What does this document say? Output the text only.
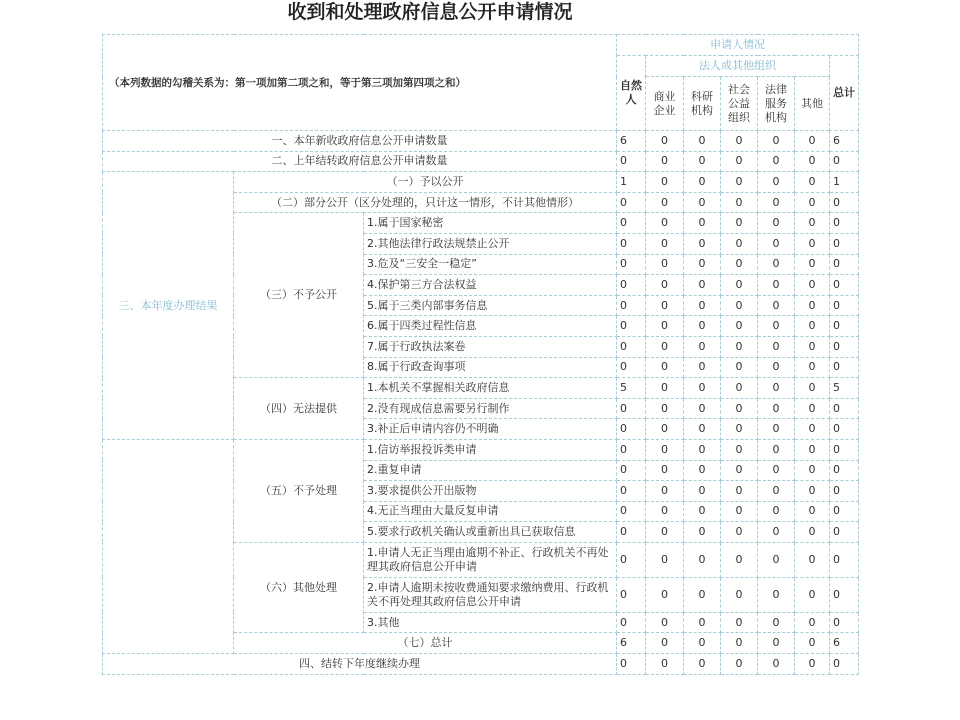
收到和处理政府信息公开申请情况
（本列数据的勾稽关系为：第一项加第二项之和，等于第三项加第四项之和）			申请人情况						
			自然人	法人或其他组织					总计
				商业企业	科研机构	社会公益组织	法律服务机构	其他	
一、本年新收政府信息公开申请数量			6	0	0	0	0	0	6
二、上年结转政府信息公开申请数量			0	0	0	0	0	0	0
三、本年度办理结果	（一）予以公开		1	0	0	0	0	0	1
	（二）部分公开（区分处理的，只计这一情形，不计其他情形）		0	0	0	0	0	0	0
	（三）不予公开	1.属于国家秘密	0	0	0	0	0	0	0
		2.其他法律行政法规禁止公开	0	0	0	0	0	0	0
		3.危及“三安全一稳定”	0	0	0	0	0	0	0
		4.保护第三方合法权益	0	0	0	0	0	0	0
		5.属于三类内部事务信息	0	0	0	0	0	0	0
		6.属于四类过程性信息	0	0	0	0	0	0	0
		7.属于行政执法案卷	0	0	0	0	0	0	0
		8.属于行政查询事项	0	0	0	0	0	0	0
	（四）无法提供	1.本机关不掌握相关政府信息	5	0	0	0	0	0	5
		2.没有现成信息需要另行制作	0	0	0	0	0	0	0
		3.补正后申请内容仍不明确	0	0	0	0	0	0	0
	（五）不予处理	1.信访举报投诉类申请	0	0	0	0	0	0	0
		2.重复申请	0	0	0	0	0	0	0
		3.要求提供公开出版物	0	0	0	0	0	0	0
		4.无正当理由大量反复申请	0	0	0	0	0	0	0
		5.要求行政机关确认或重新出具已获取信息	0	0	0	0	0	0	0
	（六）其他处理	1.申请人无正当理由逾期不补正、行政机关不再处理其政府信息公开申请	0	0	0	0	0	0	0
		2.申请人逾期未按收费通知要求缴纳费用、行政机关不再处理其政府信息公开申请	0	0	0	0	0	0	0
		3.其他	0	0	0	0	0	0	0
	（七）总计		6	0	0	0	0	0	6
四、结转下年度继续办理			0	0	0	0	0	0	0
